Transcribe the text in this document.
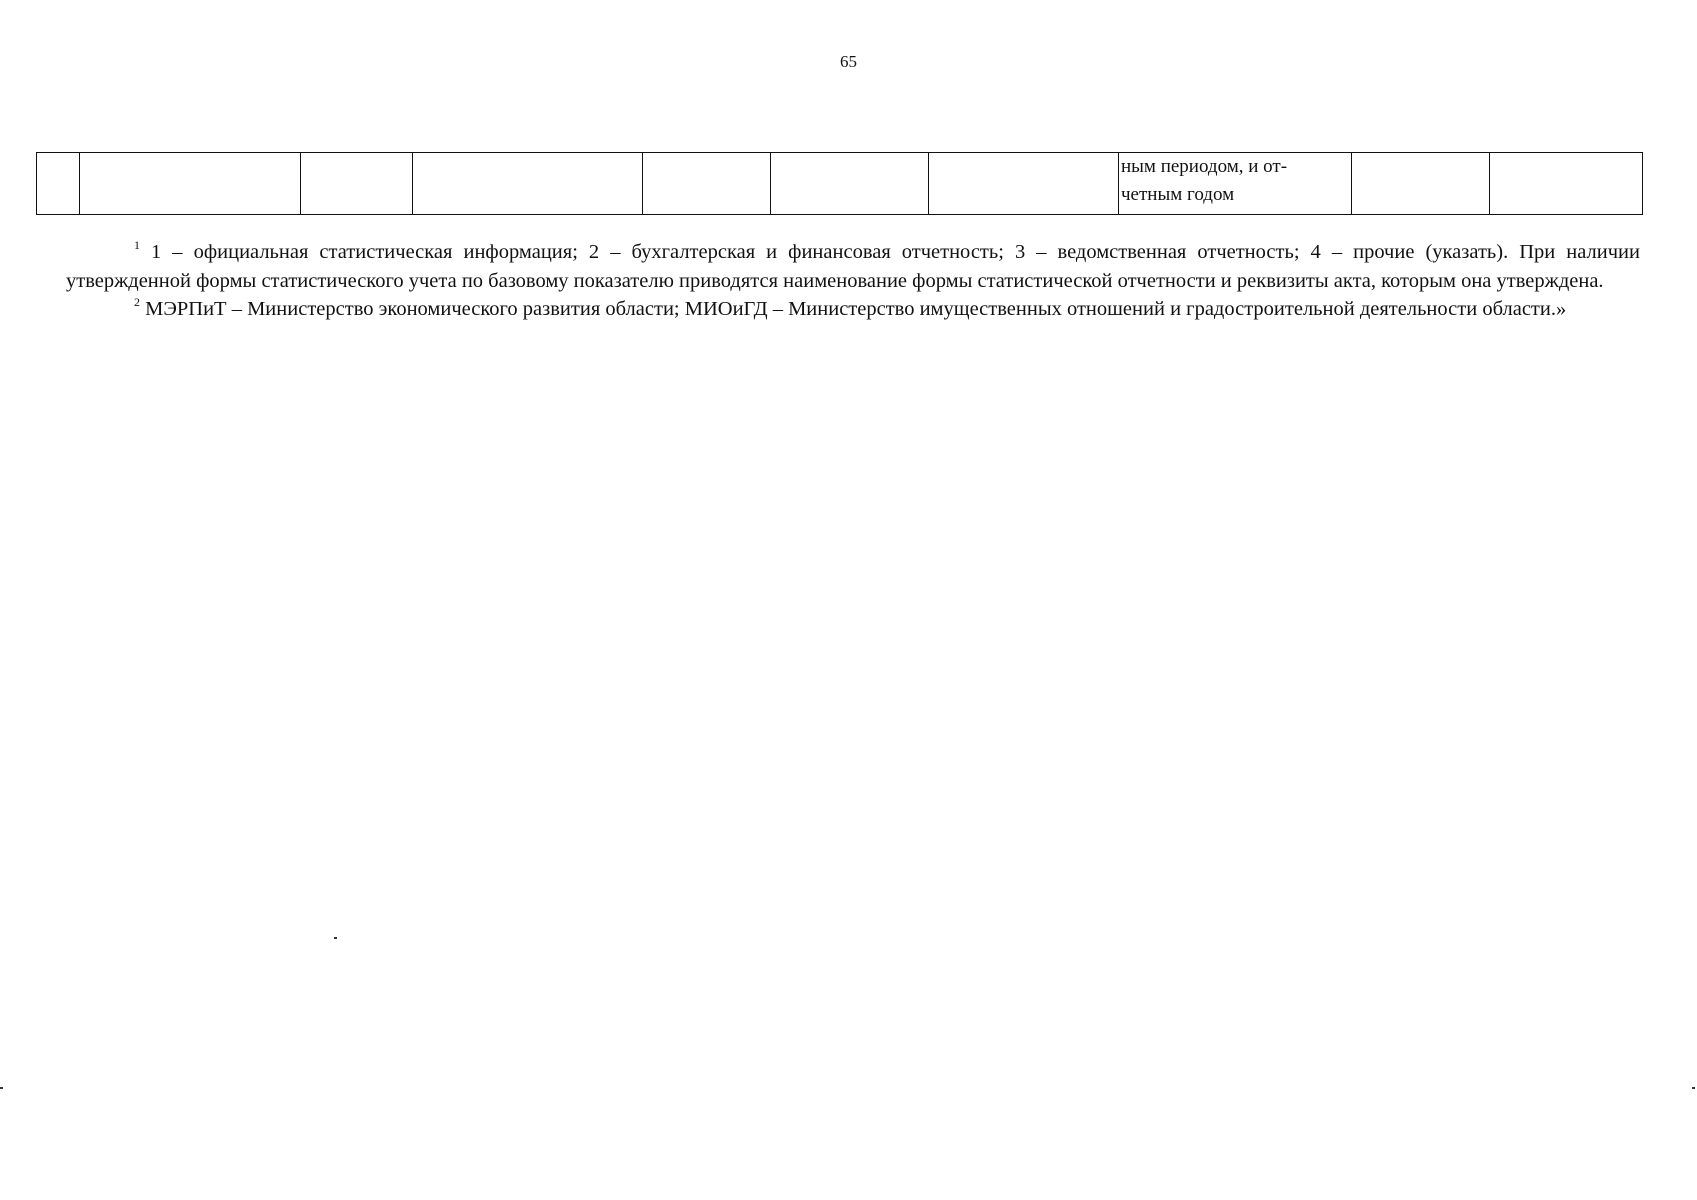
65
							ным периодом, и от-
четным годом		

$^1$ 1 – официальная статистическая информация; 2 – бухгалтерская и финансовая отчетность; 3 – ведомственная отчетность; 4 – прочие (указать). При наличии утвержденной формы статистического учета по базовому показателю приводятся наименование формы статистической отчетности и реквизиты акта, которым она утверждена.

$^2$ МЭРПиТ – Министерство экономического развития области; МИОиГД – Министерство имущественных отношений и градостроительной деятельности области.»
